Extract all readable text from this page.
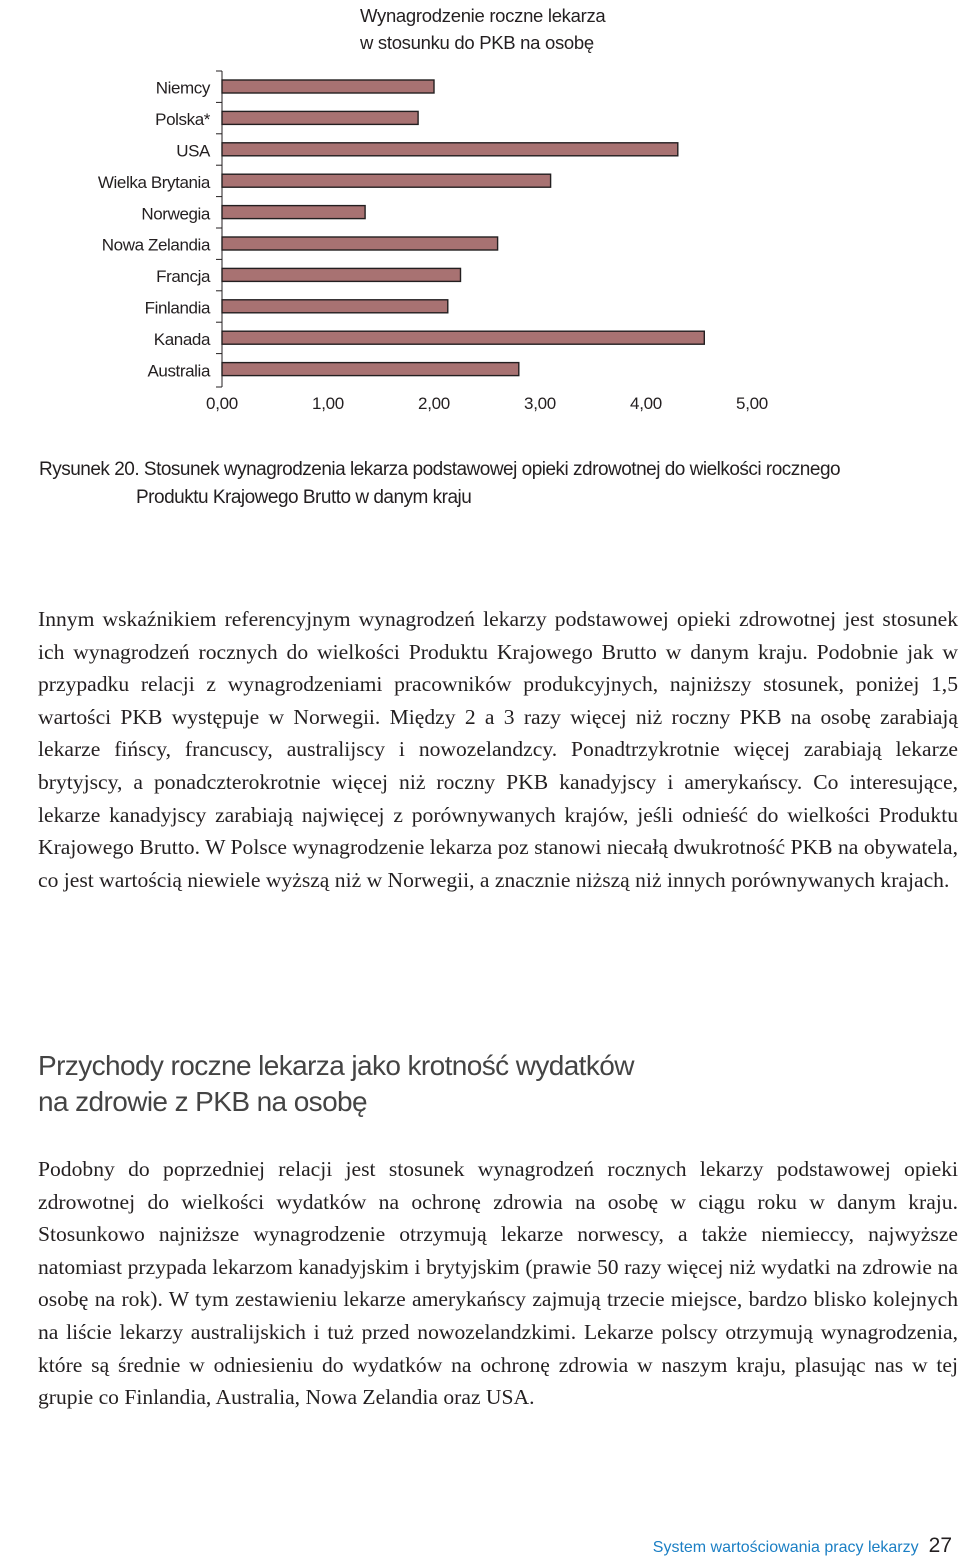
Wynagrodzenie roczne lekarza
w stosunku do PKB na osobę
Niemcy
Polska*
USA
Wielka Brytania
Norwegia
Nowa Zelandia
Francja
Finlandia
Kanada
Australia
0,00	1,00	2,00	3,00	4,00	5,00
Rysunek 20. Stosunek wynagrodzenia lekarza podstawowej opieki zdrowotnej do wielkości rocznego
Produktu Krajowego Brutto w danym kraju

Innym wskaźnikiem referencyjnym wynagrodzeń lekarzy podstawowej opieki zdrowotnej jest stosunek ich wynagrodzeń rocznych do wielkości Produktu Krajowego Brutto w danym kraju. Podobnie jak w przypadku relacji z wynagrodzeniami pracowników produkcyjnych, najniższy stosunek, poniżej 1,5 wartości PKB występuje w Norwegii. Między 2 a 3 razy więcej niż roczny PKB na osobę zarabiają lekarze fińscy, francuscy, australijscy i nowozelandzcy. Ponadtrzykrotnie więcej zarabiają lekarze brytyjscy, a ponadczterokrotnie więcej niż roczny PKB kanadyjscy i amerykańscy. Co interesujące, lekarze kanadyjscy zarabiają najwięcej z porównywanych krajów, jeśli odnieść do wielkości Produktu Krajowego Brutto. W Polsce wynagrodzenie lekarza poz stanowi niecałą dwukrotność PKB na obywatela, co jest wartością niewiele wyższą niż w Norwegii, a znacznie niższą niż innych porównywanych krajach.

Przychody roczne lekarza jako krotność wydatków
na zdrowie z PKB na osobę

Podobny do poprzedniej relacji jest stosunek wynagrodzeń rocznych lekarzy podstawowej opieki zdrowotnej do wielkości wydatków na ochronę zdrowia na osobę w ciągu roku w danym kraju. Stosunkowo najniższe wynagrodzenie otrzymują lekarze norwescy, a także niemieccy, najwyższe natomiast przypada lekarzom kanadyjskim i brytyjskim (prawie 50 razy więcej niż wydatki na zdrowie na osobę na rok). W tym zestawieniu lekarze amerykańscy zajmują trzecie miejsce, bardzo blisko kolejnych na liście lekarzy australijskich i tuż przed nowozelandzkimi. Lekarze polscy otrzymują wynagrodzenia, które są średnie w odniesieniu do wydatków na ochronę zdrowia w naszym kraju, plasując nas w tej grupie co Finlandia, Australia, Nowa Zelandia oraz USA.

System wartościowania pracy lekarzy 27
